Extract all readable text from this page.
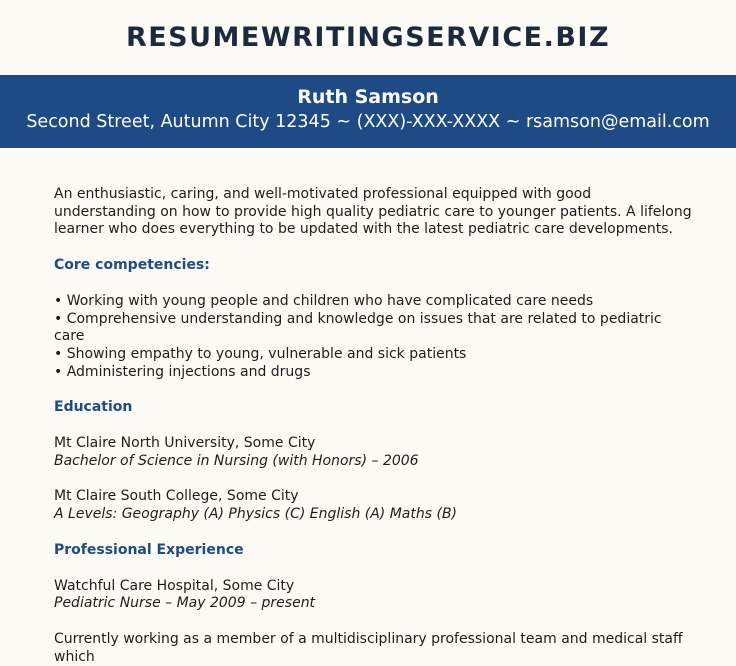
RESUMEWRITINGSERVICE.BIZ
Ruth Samson
Second Street, Autumn City 12345 ~ (XXX)-XXX-XXXX ~ rsamson@email.com

An enthusiastic, caring, and well-motivated professional equipped with good understanding on how to provide high quality pediatric care to younger patients. A lifelong learner who does everything to be updated with the latest pediatric care developments.

Core competencies:

• Working with young people and children who have complicated care needs
• Comprehensive understanding and knowledge on issues that are related to pediatric care
• Showing empathy to young, vulnerable and sick patients
• Administering injections and drugs

Education

Mt Claire North University, Some City

Bachelor of Science in Nursing (with Honors) – 2006

Mt Claire South College, Some City

A Levels: Geography (A) Physics (C) English (A) Maths (B)

Professional Experience

Watchful Care Hospital, Some City

Pediatric Nurse – May 2009 – present

Currently working as a member of a multidisciplinary professional team and medical staff which
